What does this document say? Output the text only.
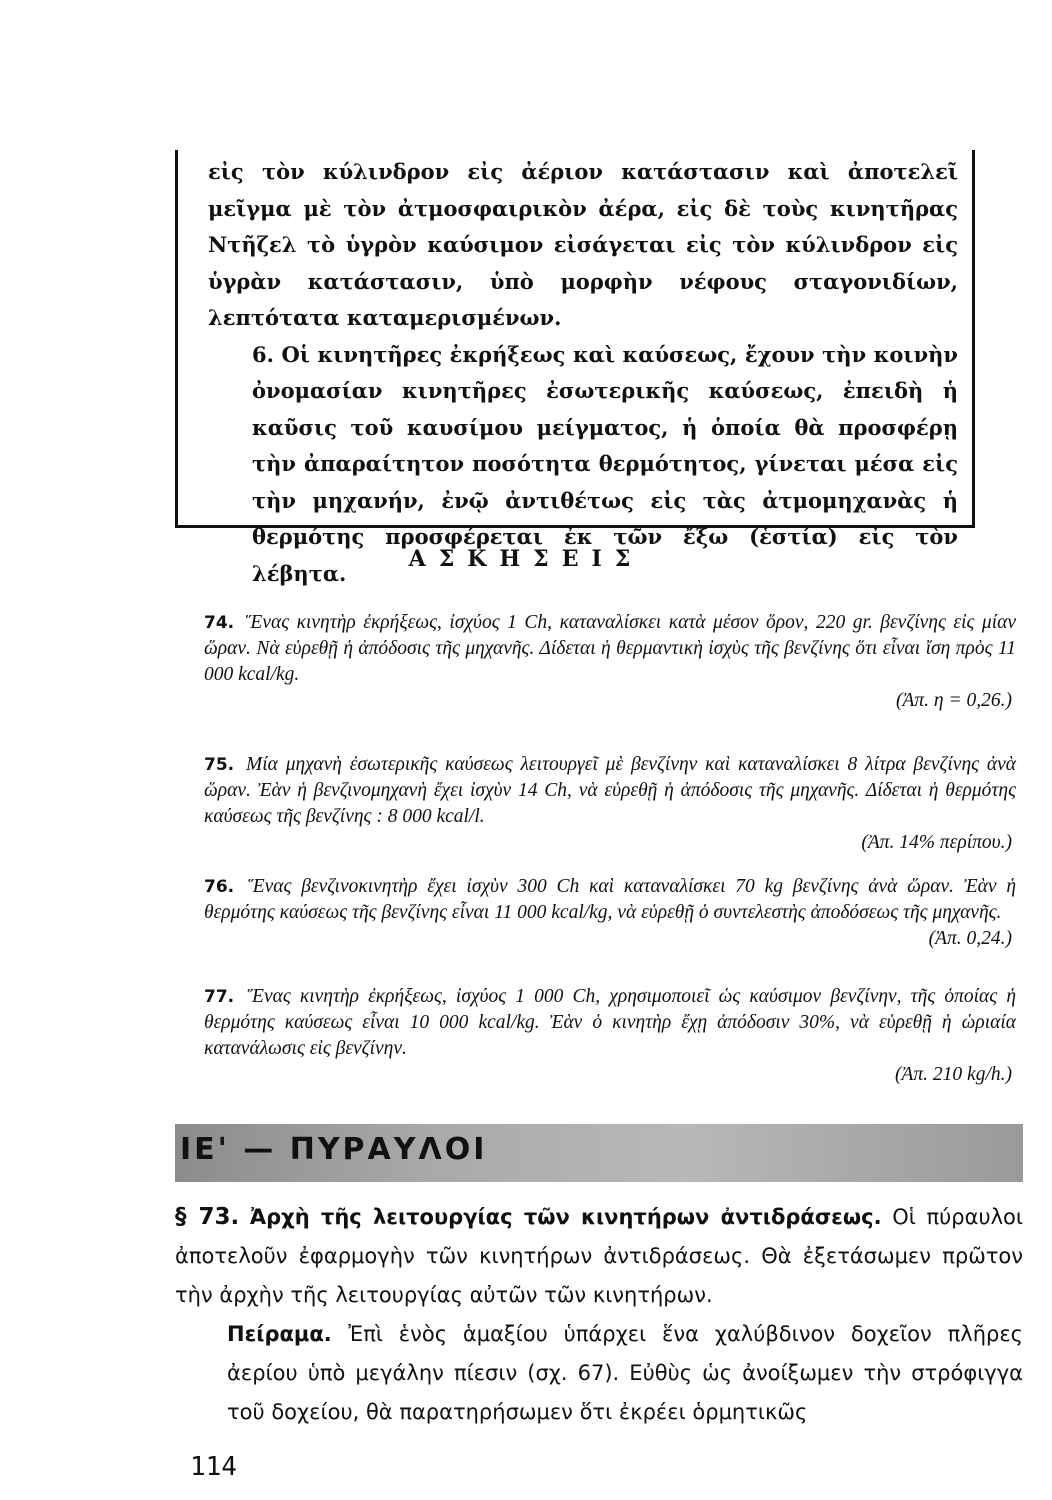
εἰς τὸν κύλινδρον εἰς ἀέριον κατάστασιν καὶ ἀποτελεῖ μεῖγμα μὲ τὸν ἀτμοσφαιρικὸν ἀέρα, εἰς δὲ τοὺς κινητῆρας Ντῆζελ τὸ ὑγρὸν καύσιμον εἰσάγεται εἰς τὸν κύλινδρον εἰς ὑγρὰν κατάστασιν, ὑπὸ μορφὴν νέφους σταγονιδίων, λεπτότατα καταμερισμένων.

6. Οἱ κινητῆρες ἐκρήξεως καὶ καύσεως, ἔχουν τὴν κοινὴν ὀνομασίαν κινητῆρες ἐσωτερικῆς καύσεως, ἐπειδὴ ἡ καῦσις τοῦ καυσίμου μείγματος, ἡ ὁποία θὰ προσφέρῃ τὴν ἀπαραίτητον ποσότητα θερμότητος, γίνεται μέσα εἰς τὴν μηχανήν, ἐνῷ ἀντιθέτως εἰς τὰς ἀτμομηχανὰς ἡ θερμότης προσφέρεται ἐκ τῶν ἔξω (ἑστία) εἰς τὸν λέβητα.

ΑΣΚΗΣΕΙΣ
74. Ἕνας κινητὴρ ἐκρήξεως, ἰσχύος 1 Ch, καταναλίσκει κατὰ μέσον ὅρον, 220 gr. βενζίνης εἰς μίαν ὥραν. Νὰ εὑρεθῇ ἡ ἀπόδοσις τῆς μηχανῆς. Δίδεται ἡ θερμαντικὴ ἰσχὺς τῆς βενζίνης ὅτι εἶναι ἴση πρὸς 11 000 kcal/kg.
(Ἀπ. η = 0,26.)
75. Μία μηχανὴ ἐσωτερικῆς καύσεως λειτουργεῖ μὲ βενζίνην καὶ καταναλίσκει 8 λίτρα βενζίνης ἀνὰ ὥραν. Ἐὰν ἡ βενζινομηχανὴ ἔχει ἰσχὺν 14 Ch, νὰ εὑρεθῇ ἡ ἀπόδοσις τῆς μηχανῆς. Δίδεται ἡ θερμότης καύσεως τῆς βενζίνης : 8 000 kcal/l.
(Ἀπ. 14% περίπου.)
76. Ἕνας βενζινοκινητὴρ ἔχει ἰσχὺν 300 Ch καὶ καταναλίσκει 70 kg βενζίνης ἀνὰ ὥραν. Ἐὰν ἡ θερμότης καύσεως τῆς βενζίνης εἶναι 11 000 kcal/kg, νὰ εὑρεθῇ ὁ συντελεστὴς ἀποδόσεως τῆς μηχανῆς.
(Ἀπ. 0,24.)
77. Ἕνας κινητὴρ ἐκρήξεως, ἰσχύος 1 000 Ch, χρησιμοποιεῖ ὡς καύσιμον βενζίνην, τῆς ὁποίας ἡ θερμότης καύσεως εἶναι 10 000 kcal/kg. Ἐὰν ὁ κινητὴρ ἔχῃ ἀπόδοσιν 30%, νὰ εὑρεθῇ ἡ ὡριαία κατανάλωσις εἰς βενζίνην.
(Ἀπ. 210 kg/h.)
ΙΕ' — ΠΥΡΑΥΛΟΙ

§ 73. Ἀρχὴ τῆς λειτουργίας τῶν κινητήρων ἀντιδράσεως. Οἱ πύραυλοι ἀποτελοῦν ἐφαρμογὴν τῶν κινητήρων ἀντιδράσεως. Θὰ ἐξετάσωμεν πρῶτον τὴν ἀρχὴν τῆς λειτουργίας αὐτῶν τῶν κινητήρων.

Πείραμα. Ἐπὶ ἑνὸς ἁμαξίου ὑπάρχει ἕνα χαλύβδινον δοχεῖον πλῆρες ἀερίου ὑπὸ μεγάλην πίεσιν (σχ. 67). Εὐθὺς ὡς ἀνοίξωμεν τὴν στρόφιγγα τοῦ δοχείου, θὰ παρατηρήσωμεν ὅτι ἐκρέει ὁρμητικῶς

114
